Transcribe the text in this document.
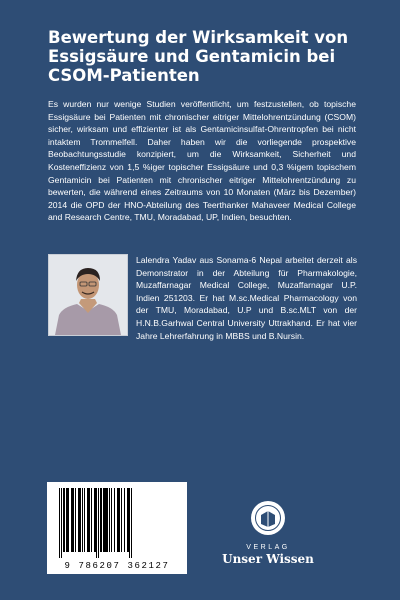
Bewertung der Wirksamkeit von Essigsäure und Gentamicin bei CSOM-Patienten

Es wurden nur wenige Studien veröffentlicht, um festzustellen, ob topische Essigsäure bei Patienten mit chronischer eitriger Mittelohrentzündung (CSOM) sicher, wirksam und effizienter ist als Gentamicinsulfat-Ohrentropfen bei nicht intaktem Trommelfell. Daher haben wir die vorliegende prospektive Beobachtungsstudie konzipiert, um die Wirksamkeit, Sicherheit und Kosteneffizienz von 1,5 %iger topischer Essigsäure und 0,3 %igem topischem Gentamicin bei Patienten mit chronischer eitriger Mittelohrentzündung zu bewerten, die während eines Zeitraums von 10 Monaten (März bis Dezember) 2014 die OPD der HNO-Abteilung des Teerthanker Mahaveer Medical College and Research Centre, TMU, Moradabad, UP, Indien, besuchten.

Lalendra Yadav aus Sonama-6 Nepal arbeitet derzeit als Demonstrator in der Abteilung für Pharmakologie, Muzaffarnagar Medical College, Muzaffarnagar U.P. Indien 251203. Er hat M.sc.Medical Pharmacology von der TMU, Moradabad, U.P und B.sc.MLT von der H.N.B.Garhwal Central University Uttrakhand. Er hat vier Jahre Lehrerfahrung in MBBS und B.Nursin.

9 786207 362127
VERLAG
Unser Wissen
